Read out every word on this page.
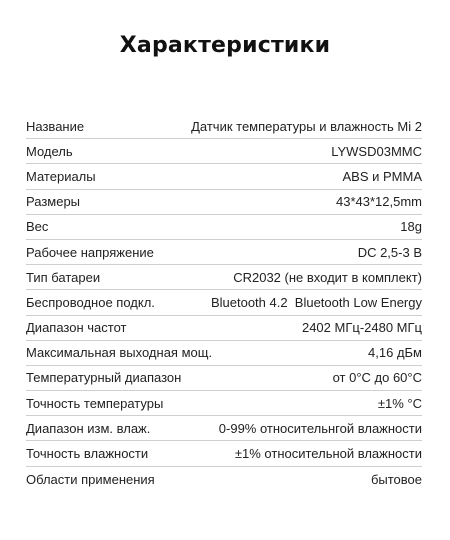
Характеристики
Название	Датчик температуры и влажность Mi 2
Модель	LYWSD03MMC
Материалы	ABS и PMMA
Размеры	43*43*12,5mm
Вес	18g
Рабочее напряжение	DC 2,5-3 В
Тип батареи	CR2032 (не входит в комплект)
Беспроводное подкл.	Bluetooth 4.2  Bluetooth Low Energy
Диапазон частот	2402 МГц-2480 МГц
Максимальная выходная мощ.	4,16 дБм
Температурный диапазон	от 0°C до 60°C
Точность температуры	±1% °C
Диапазон изм. влаж.	0-99% относительнгой влажности
Точность влажности	±1% относительной влажности
Области применения	бытовое
